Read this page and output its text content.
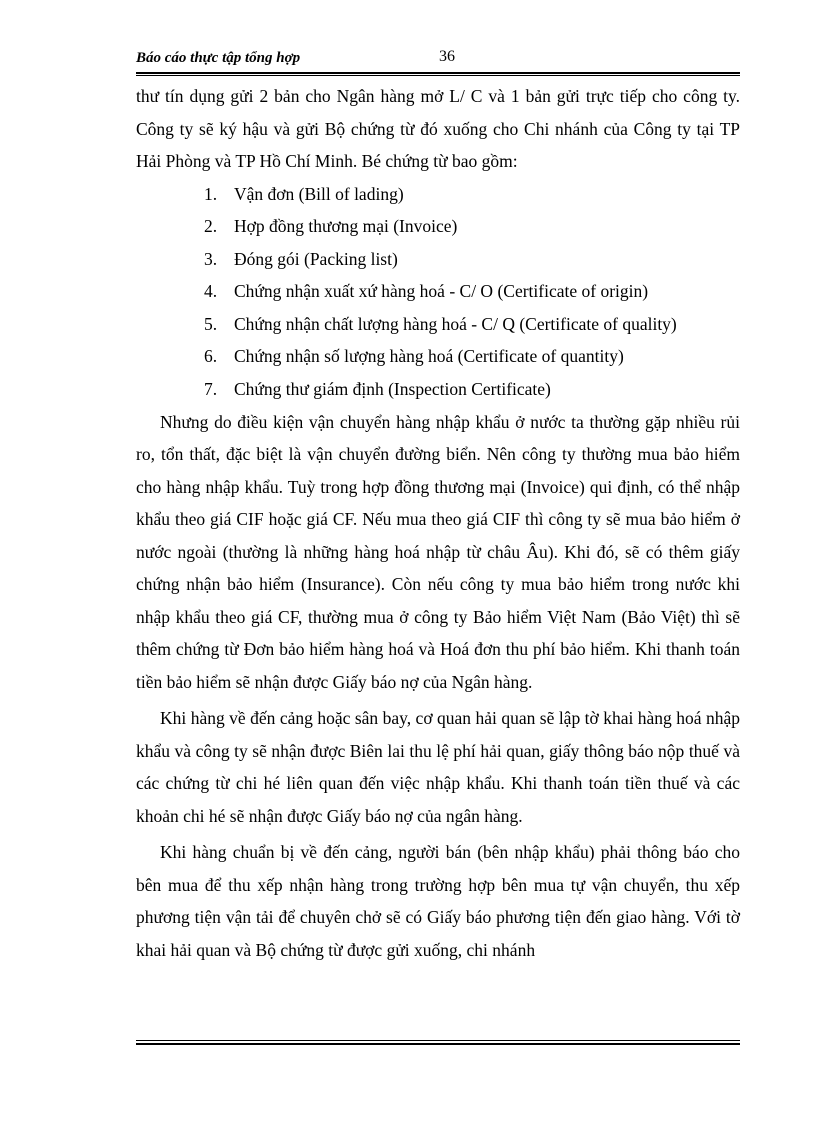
Báo cáo thực tập tổng hợp	36

thư tín dụng gửi 2 bản cho Ngân hàng mở L/ C và 1 bản gửi trực tiếp cho công ty. Công ty sẽ ký hậu và gửi Bộ chứng từ đó xuống cho Chi nhánh của Công ty tại TP Hải Phòng và TP Hồ Chí Minh. Bé chứng từ bao gồm:

1. Vận đơn (Bill of lading)
2. Hợp đồng thương mại (Invoice)
3. Đóng gói (Packing list)
4. Chứng nhận xuất xứ hàng hoá - C/ O (Certificate of origin)
5. Chứng nhận chất lượng hàng hoá - C/ Q (Certificate of quality)
6. Chứng nhận số lượng hàng hoá (Certificate of quantity)
7. Chứng thư giám định (Inspection Certificate)

Nhưng do điều kiện vận chuyển hàng nhập khẩu ở nước ta thường gặp nhiều rủi ro, tổn thất, đặc biệt là vận chuyển đường biển. Nên công ty thường mua bảo hiểm cho hàng nhập khẩu. Tuỳ trong hợp đồng thương mại (Invoice) qui định, có thể nhập khẩu theo giá CIF hoặc giá CF. Nếu mua theo giá CIF thì công ty sẽ mua bảo hiểm ở nước ngoài (thường là những hàng hoá nhập từ châu Âu). Khi đó, sẽ có thêm giấy chứng nhận bảo hiểm (Insurance). Còn nếu công ty mua bảo hiểm trong nước khi nhập khẩu theo giá CF, thường mua ở công ty Bảo hiểm Việt Nam (Bảo Việt) thì sẽ thêm chứng từ Đơn bảo hiểm hàng hoá và Hoá đơn thu phí bảo hiểm. Khi thanh toán tiền bảo hiểm sẽ nhận được Giấy báo nợ của Ngân hàng.

Khi hàng về đến cảng hoặc sân bay, cơ quan hải quan sẽ lập tờ khai hàng hoá nhập khẩu và công ty sẽ nhận được Biên lai thu lệ phí hải quan, giấy thông báo nộp thuế và các chứng từ chi hé liên quan đến việc nhập khẩu. Khi thanh toán tiền thuế và các khoản chi hé sẽ nhận được Giấy báo nợ của ngân hàng.

Khi hàng chuẩn bị về đến cảng, người bán (bên nhập khẩu) phải thông báo cho bên mua để thu xếp nhận hàng trong trường hợp bên mua tự vận chuyển, thu xếp phương tiện vận tải để chuyên chở sẽ có Giấy báo phương tiện đến giao hàng. Với tờ khai hải quan và Bộ chứng từ được gửi xuống, chi nhánh
